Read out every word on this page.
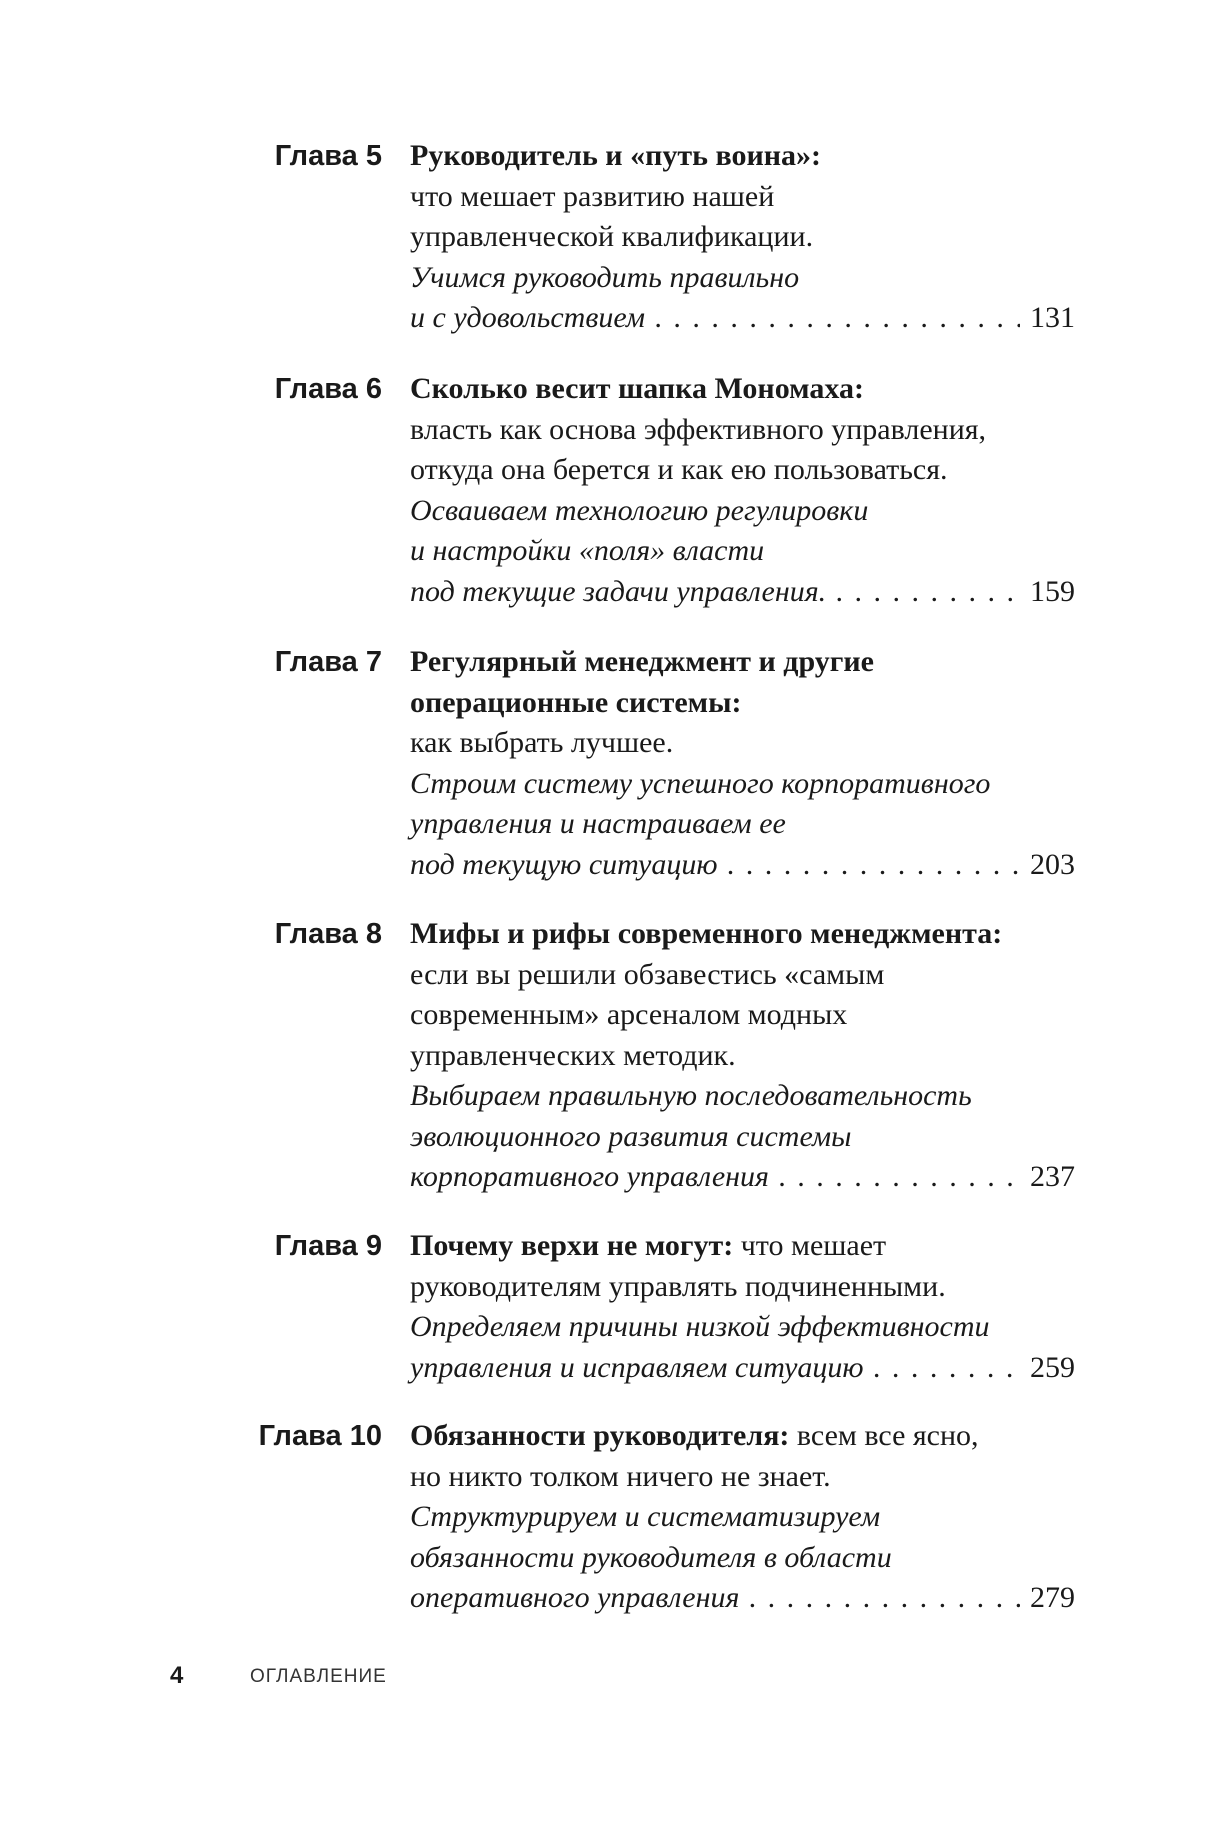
Глава 5 Руководитель и «путь воина»:
что мешает развитию нашей
управленческой квалификации.
Учимся руководить правильно
и с удовольствием . . .	131
Глава 6 Сколько весит шапка Мономаха:
власть как основа эффективного управления,
откуда она берется и как ею пользоваться.
Осваиваем технологию регулировки
и настройки «поля» власти
под текущие задачи управления. . . .	159
Глава 7 Регулярный менеджмент и другие
операционные системы:
как выбрать лучшее.
Строим систему успешного корпоративного
управления и настраиваем ее
под текущую ситуацию . . .	203
Глава 8 Мифы и рифы современного менеджмента:
если вы решили обзавестись «самым
современным» арсеналом модных
управленческих методик.
Выбираем правильную последовательность
эволюционного развития системы
корпоративного управления . . .	237
Глава 9 Почему верхи не могут: что мешает
руководителям управлять подчиненными.
Определяем причины низкой эффективности
управления и исправляем ситуацию . . .	259
Глава 10 Обязанности руководителя: всем все ясно,
но никто толком ничего не знает.
Структурируем и систематизируем
обязанности руководителя в области
оперативного управления . . .	279
4	ОГЛАВЛЕНИЕ
